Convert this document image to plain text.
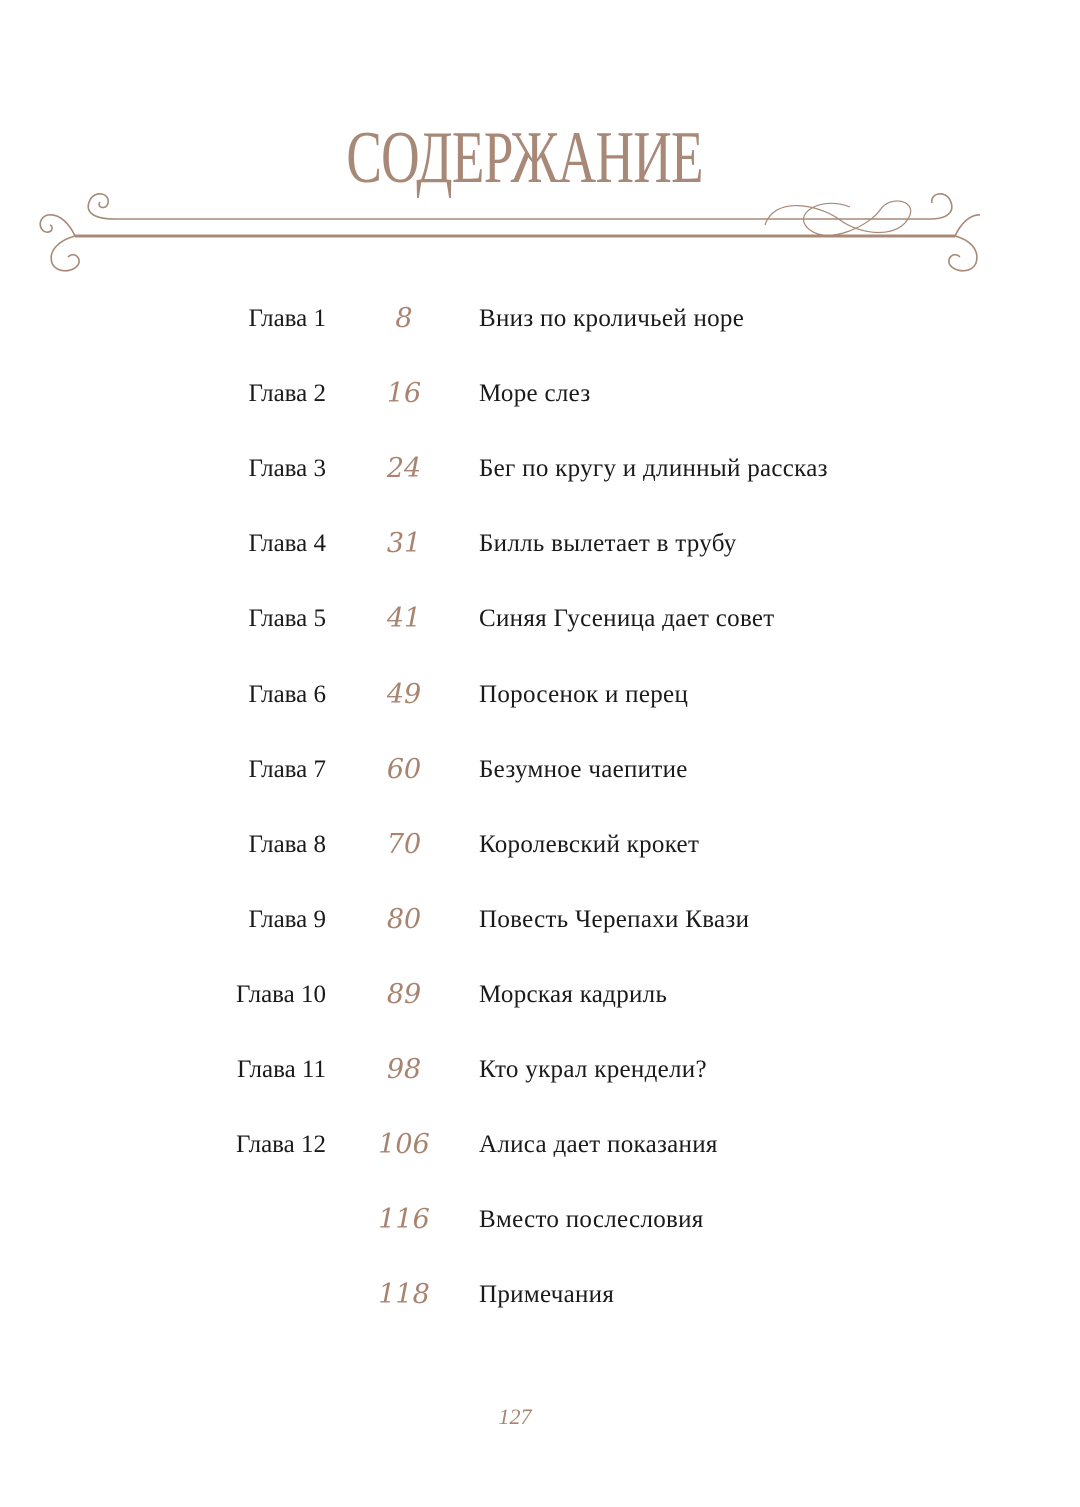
СОДЕРЖАНИЕ
Глава 1	8	Вниз по кроличьей норе
Глава 2	16	Море слез
Глава 3	24	Бег по кругу и длинный рассказ
Глава 4	31	Билль вылетает в трубу
Глава 5	41	Синяя Гусеница дает совет
Глава 6	49	Поросенок и перец
Глава 7	60	Безумное чаепитие
Глава 8	70	Королевский крокет
Глава 9	80	Повесть Черепахи Квази
Глава 10	89	Морская кадриль
Глава 11	98	Кто украл крендели?
Глава 12	106	Алиса дает показания
116	Вместо послесловия
118	Примечания
127
